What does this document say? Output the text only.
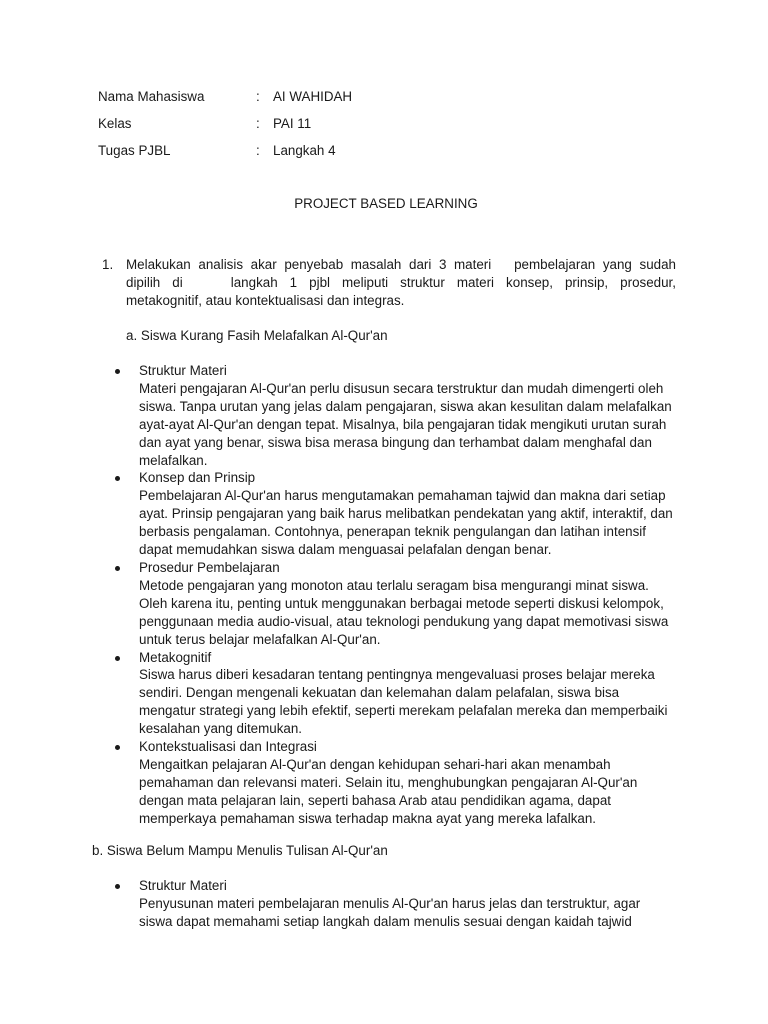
Nama Mahasiswa	: AI WAHIDAH
Kelas	: PAI 11
Tugas PJBL	: Langkah 4
PROJECT BASED LEARNING
1. Melakukan analisis akar penyebab masalah dari 3 materi   pembelajaran yang sudah
dipilih di    langkah 1 pjbl meliputi struktur materi konsep, prinsip, prosedur,
metakognitif, atau kontektualisasi dan integras.
a. Siswa Kurang Fasih Melafalkan Al-Qur'an
Struktur Materi
Materi pengajaran Al-Qur'an perlu disusun secara terstruktur dan mudah dimengerti oleh siswa. Tanpa urutan yang jelas dalam pengajaran, siswa akan kesulitan dalam melafalkan ayat-ayat Al-Qur'an dengan tepat. Misalnya, bila pengajaran tidak mengikuti urutan surah dan ayat yang benar, siswa bisa merasa bingung dan terhambat dalam menghafal dan melafalkan.
Konsep dan Prinsip
Pembelajaran Al-Qur'an harus mengutamakan pemahaman tajwid dan makna dari setiap ayat. Prinsip pengajaran yang baik harus melibatkan pendekatan yang aktif, interaktif, dan berbasis pengalaman. Contohnya, penerapan teknik pengulangan dan latihan intensif dapat memudahkan siswa dalam menguasai pelafalan dengan benar.
Prosedur Pembelajaran
Metode pengajaran yang monoton atau terlalu seragam bisa mengurangi minat siswa. Oleh karena itu, penting untuk menggunakan berbagai metode seperti diskusi kelompok, penggunaan media audio-visual, atau teknologi pendukung yang dapat memotivasi siswa untuk terus belajar melafalkan Al-Qur'an.
Metakognitif
Siswa harus diberi kesadaran tentang pentingnya mengevaluasi proses belajar mereka sendiri. Dengan mengenali kekuatan dan kelemahan dalam pelafalan, siswa bisa mengatur strategi yang lebih efektif, seperti merekam pelafalan mereka dan memperbaiki kesalahan yang ditemukan.
Kontekstualisasi dan Integrasi
Mengaitkan pelajaran Al-Qur'an dengan kehidupan sehari-hari akan menambah pemahaman dan relevansi materi. Selain itu, menghubungkan pengajaran Al-Qur'an dengan mata pelajaran lain, seperti bahasa Arab atau pendidikan agama, dapat memperkaya pemahaman siswa terhadap makna ayat yang mereka lafalkan.
b. Siswa Belum Mampu Menulis Tulisan Al-Qur'an
Struktur Materi
Penyusunan materi pembelajaran menulis Al-Qur'an harus jelas dan terstruktur, agar siswa dapat memahami setiap langkah dalam menulis sesuai dengan kaidah tajwid
